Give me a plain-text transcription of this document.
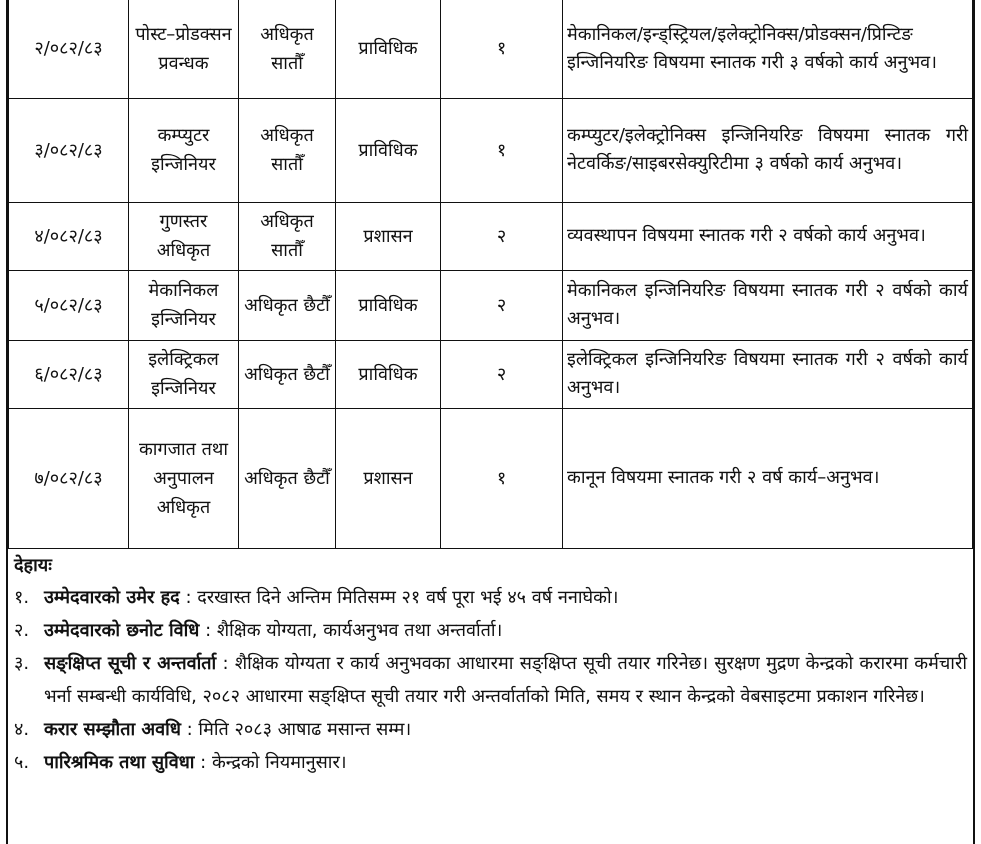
२/०८२/८३	पोस्ट–प्रोडक्सन प्रवन्धक	अधिकृत सातौँ	प्राविधिक	१	मेकानिकल/इन्ड्स्ट्रियल/इलेक्ट्रोनिक्स/प्रोडक्सन/प्रिन्टिङ इन्जिनियरिङ विषयमा स्नातक गरी ३ वर्षको कार्य अनुभव।
३/०८२/८३	कम्प्युटर इन्जिनियर	अधिकृत सातौँ	प्राविधिक	१	कम्प्युटर/इलेक्ट्रोनिक्स इन्जिनियरिङ विषयमा स्नातक गरी नेटवर्किङ/साइबरसेक्युरिटीमा ३ वर्षको कार्य अनुभव।
४/०८२/८३	गुणस्तर अधिकृत	अधिकृत सातौँ	प्रशासन	२	व्यवस्थापन विषयमा स्नातक गरी २ वर्षको कार्य अनुभव।
५/०८२/८३	मेकानिकल इन्जिनियर	अधिकृत छैटौँ	प्राविधिक	२	मेकानिकल इन्जिनियरिङ विषयमा स्नातक गरी २ वर्षको कार्य अनुभव।
६/०८२/८३	इलेक्ट्रिकल इन्जिनियर	अधिकृत छैटौँ	प्राविधिक	२	इलेक्ट्रिकल इन्जिनियरिङ विषयमा स्नातक गरी २ वर्षको कार्य अनुभव।
७/०८२/८३	कागजात तथा अनुपालन अधिकृत	अधिकृत छैटौँ	प्रशासन	१	कानून विषयमा स्नातक गरी २ वर्ष कार्य–अनुभव।
देहायः
१. उम्मेदवारको उमेर हद : दरखास्त दिने अन्तिम मितिसम्म २१ वर्ष पूरा भई ४५ वर्ष ननाघेको।
२. उम्मेदवारको छनोट विधि : शैक्षिक योग्यता, कार्यअनुभव तथा अन्तर्वार्ता।
३. सङ्क्षिप्त सूची र अन्तर्वार्ता : शैक्षिक योग्यता र कार्य अनुभवका आधारमा सङ्क्षिप्त सूची तयार गरिनेछ। सुरक्षण मुद्रण केन्द्रको करारमा कर्मचारी भर्ना सम्बन्धी कार्यविधि, २०८२ आधारमा सङ्क्षिप्त सूची तयार गरी अन्तर्वार्ताको मिति, समय र स्थान केन्द्रको वेबसाइटमा प्रकाशन गरिनेछ।
४. करार सम्झौता अवधि : मिति २०८३ आषाढ मसान्त सम्म।
५. पारिश्रमिक तथा सुविधा : केन्द्रको नियमानुसार।
